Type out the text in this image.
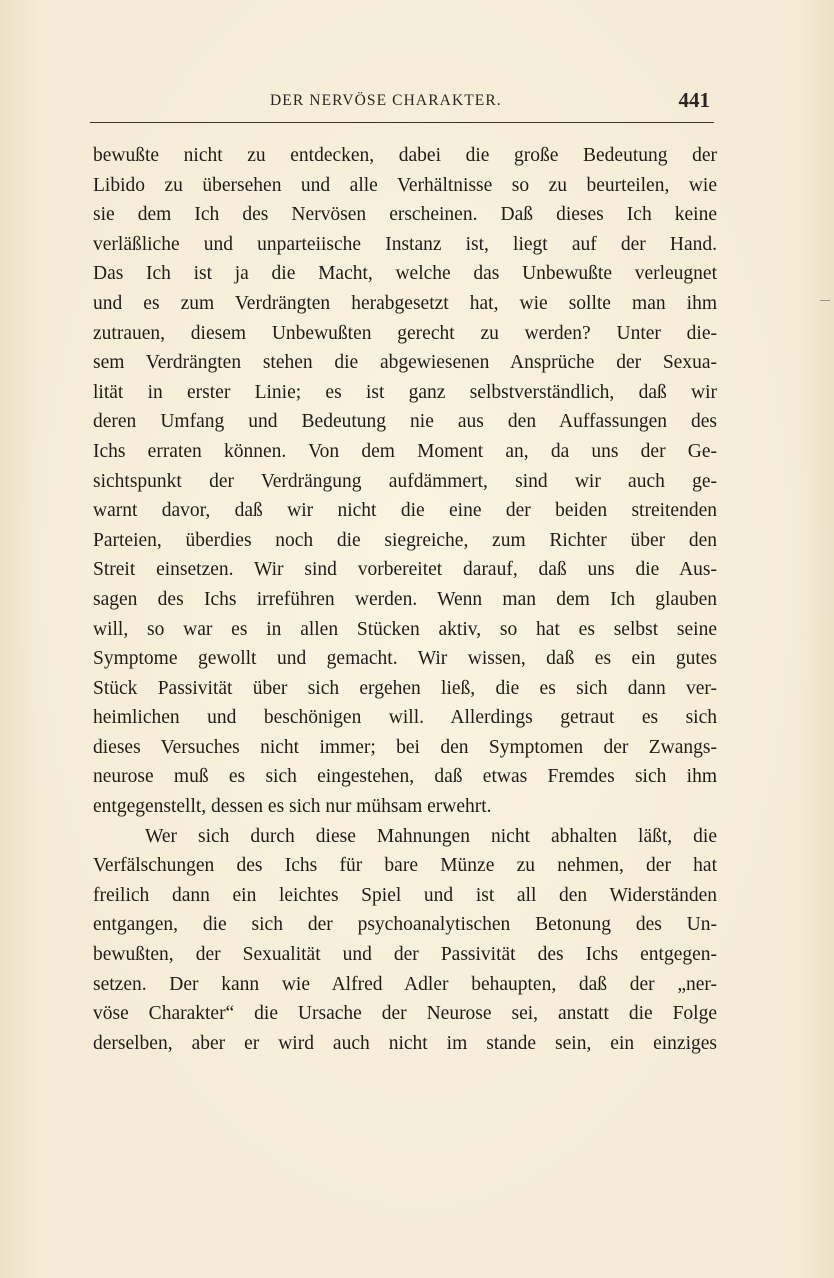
DER NERVÖSE CHARAKTER.	441
bewußte nicht zu entdecken, dabei die große Bedeutung der
Libido zu übersehen und alle Verhältnisse so zu beurteilen, wie
sie dem Ich des Nervösen erscheinen. Daß dieses Ich keine
verläßliche und unparteiische Instanz ist, liegt auf der Hand.
Das Ich ist ja die Macht, welche das Unbewußte verleugnet
und es zum Verdrängten herabgesetzt hat, wie sollte man ihm
zutrauen, diesem Unbewußten gerecht zu werden? Unter die-
sem Verdrängten stehen die abgewiesenen Ansprüche der Sexua-
lität in erster Linie; es ist ganz selbstverständlich, daß wir
deren Umfang und Bedeutung nie aus den Auffassungen des
Ichs erraten können. Von dem Moment an, da uns der Ge-
sichtspunkt der Verdrängung aufdämmert, sind wir auch ge-
warnt davor, daß wir nicht die eine der beiden streitenden
Parteien, überdies noch die siegreiche, zum Richter über den
Streit einsetzen. Wir sind vorbereitet darauf, daß uns die Aus-
sagen des Ichs irreführen werden. Wenn man dem Ich glauben
will, so war es in allen Stücken aktiv, so hat es selbst seine
Symptome gewollt und gemacht. Wir wissen, daß es ein gutes
Stück Passivität über sich ergehen ließ, die es sich dann ver-
heimlichen und beschönigen will. Allerdings getraut es sich
dieses Versuches nicht immer; bei den Symptomen der Zwangs-
neurose muß es sich eingestehen, daß etwas Fremdes sich ihm
entgegenstellt, dessen es sich nur mühsam erwehrt.
Wer sich durch diese Mahnungen nicht abhalten läßt, die
Verfälschungen des Ichs für bare Münze zu nehmen, der hat
freilich dann ein leichtes Spiel und ist all den Widerständen
entgangen, die sich der psychoanalytischen Betonung des Un-
bewußten, der Sexualität und der Passivität des Ichs entgegen-
setzen. Der kann wie Alfred Adler behaupten, daß der „ner-
vöse Charakter“ die Ursache der Neurose sei, anstatt die Folge
derselben, aber er wird auch nicht im stande sein, ein einziges
